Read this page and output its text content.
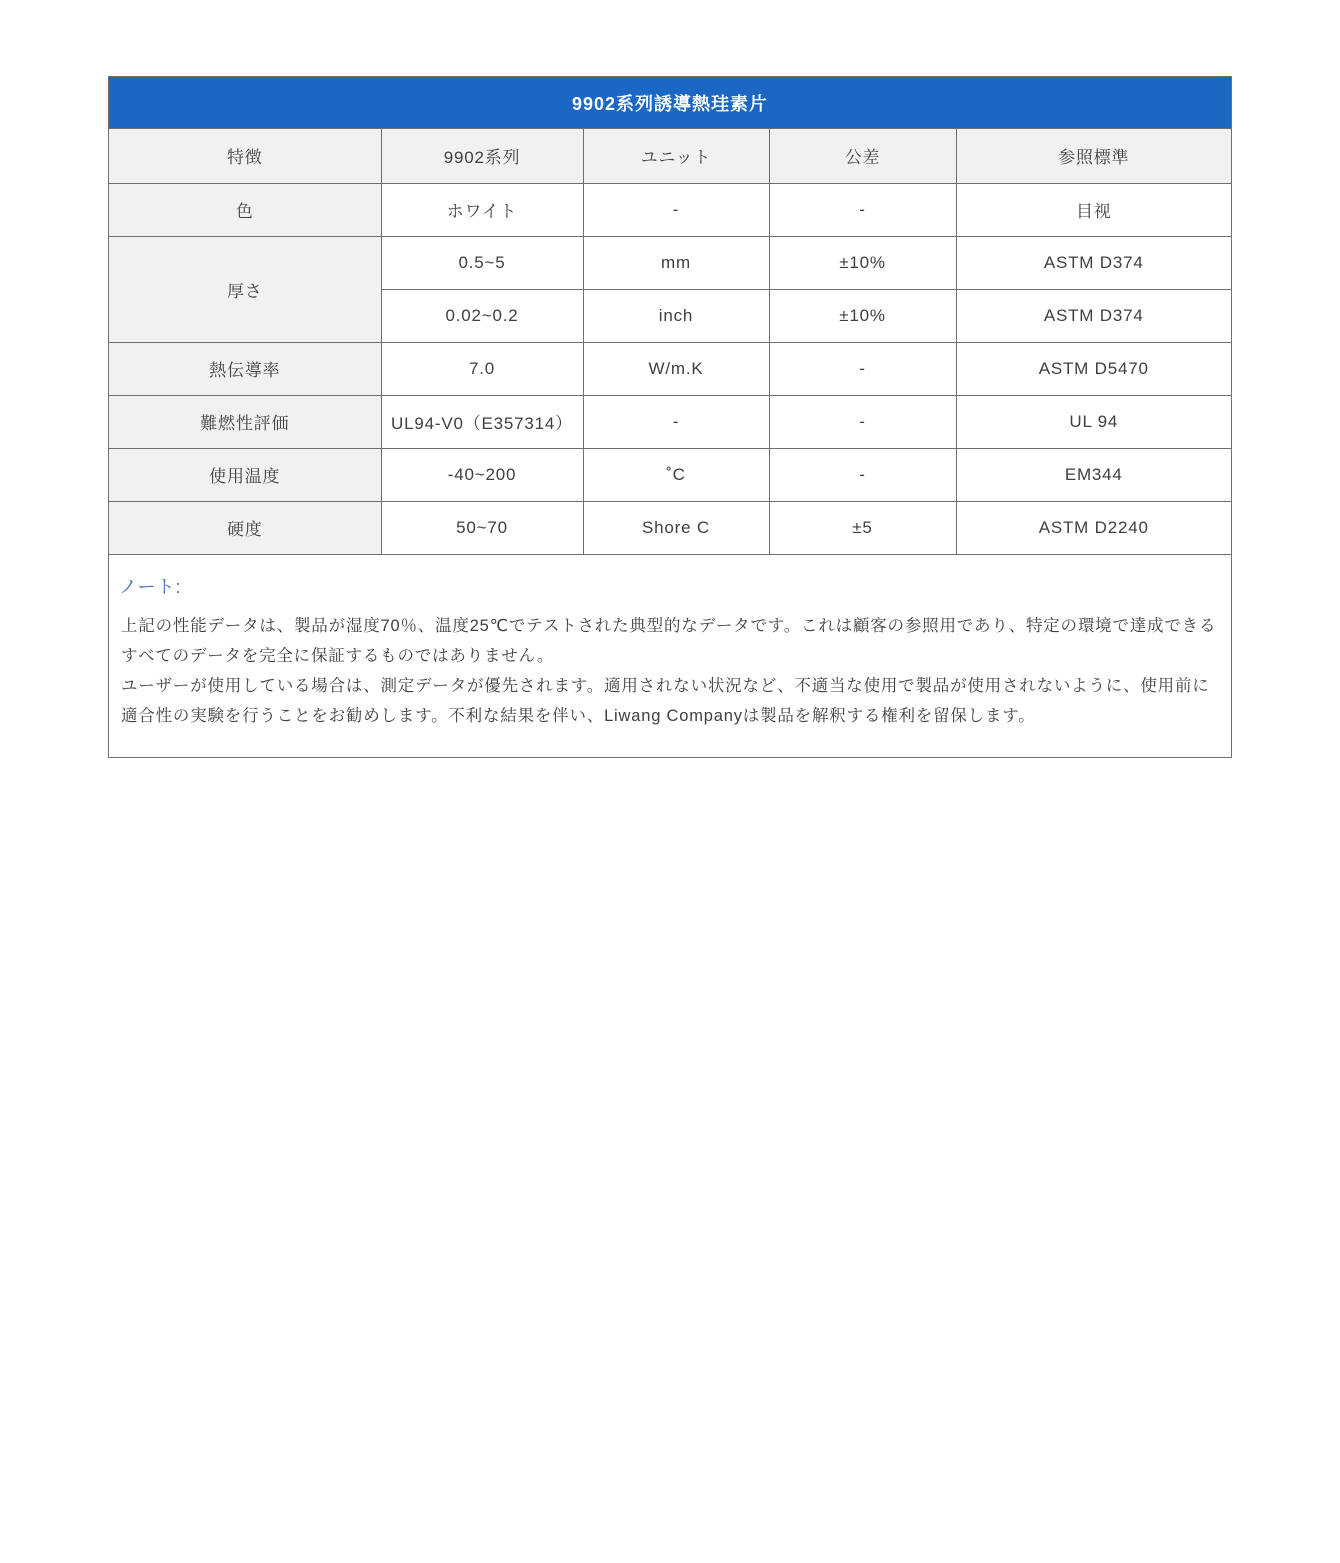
9902系列誘導熱珪素片
特徴	9902系列	ユニット	公差	参照標準
色	ホワイト	-	-	目视
厚さ	0.5~5	mm	±10%	ASTM D374
	0.02~0.2	inch	±10%	ASTM D374
熱伝導率	7.0	W/m.K	-	ASTM D5470
難燃性評価	UL94-V0（E357314）	-	-	UL 94
使用温度	-40~200	˚C	-	EM344
硬度	50~70	Shore C	±5	ASTM D2240
ノート:

上記の性能データは、製品が湿度70％、温度25℃でテストされた典型的なデータです。これは顧客の参照用であり、特定の環境で達成できるすべてのデータを完全に保証するものではありません。

ユーザーが使用している場合は、測定データが優先されます。適用されない状況など、不適当な使用で製品が使用されないように、使用前に適合性の実験を行うことをお勧めします。不利な結果を伴い、Liwang Companyは製品を解釈する権利を留保します。
